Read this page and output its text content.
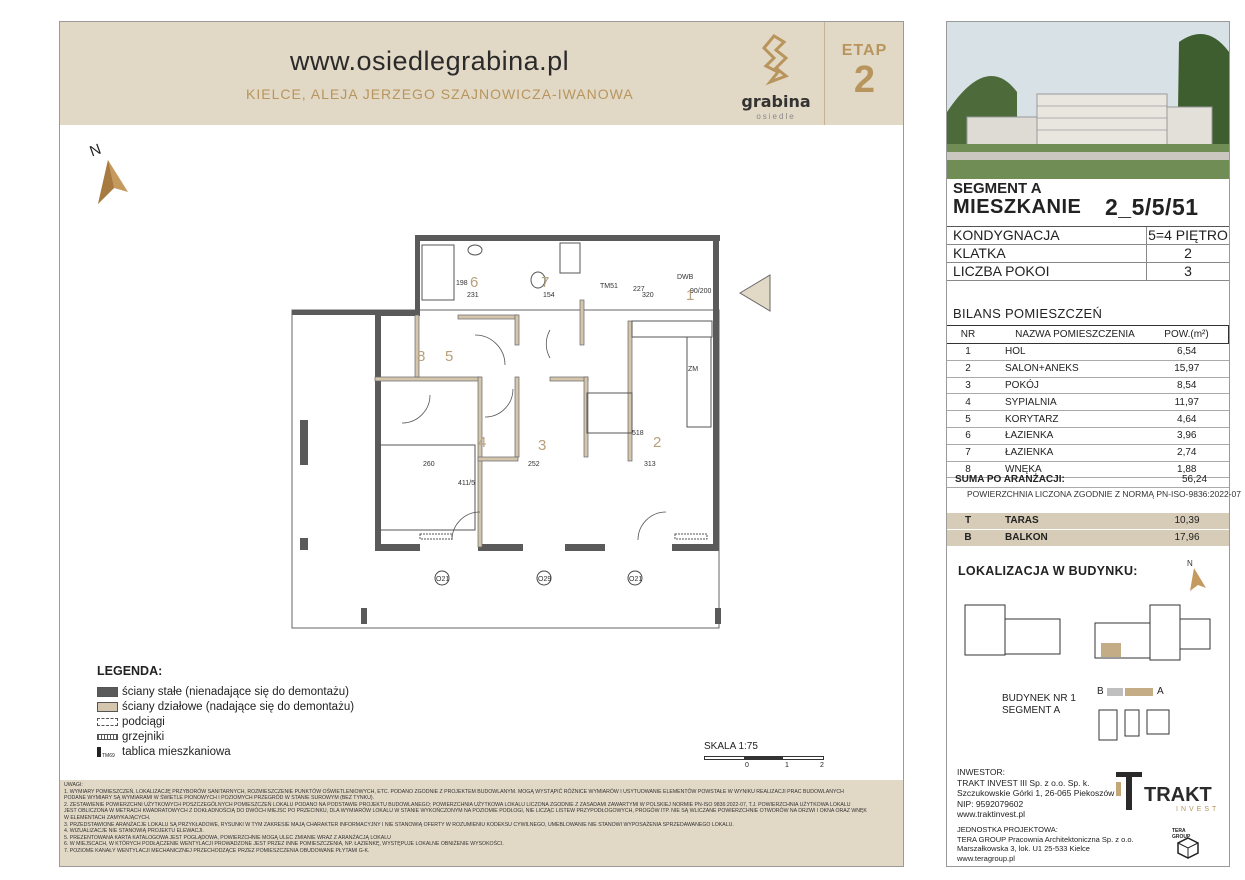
www.osiedlegrabina.pl
KIELCE, ALEJA JERZEGO SZAJNOWICZA-IWANOWA	grabina
osiedle
ETAP
2
N
8 5
6	7
1
4	3	2
198
231	154	320
227
260	252	313
90/200
518
411/5
TM51
DWB
ZM
O21	O29	O21
LEGENDA:
ściany stałe (nienadające się do demontażu)
ściany działowe (nadające się do demontażu)
podciągi
grzejniki
TM69 tablica mieszkaniowa	SKALA 1:75
0	1	2
UWAGI:
1. WYMIARY POMIESZCZEŃ, LOKALIZACJĘ PRZYBORÓW SANITARNYCH, ROZMIESZCZENIE PUNKTÓW OŚWIETLENIOWYCH, ETC. PODANO ZGODNIE Z PROJEKTEM BUDOWLANYM. MOGĄ WYSTĄPIĆ RÓŻNICE WYMIARÓW I USYTUOWANIE ELEMENTÓW POWSTAŁE W WYNIKU REALIZACJI PRAC BUDOWLANYCH
PODANE WYMIARY SĄ WYMIARAMI W ŚWIETLE PIONOWYCH I POZIOMYCH PRZEGRÓD W STANIE SUROWYM (BEZ TYNKU).
2. ZESTAWIENIE POWIERZCHNI UŻYTKOWYCH POSZCZEGÓLNYCH POMIESZCZEŃ LOKALU PODANO NA PODSTAWIE PROJEKTU BUDOWLANEGO; POWIERZCHNIA UŻYTKOWA LOKALU LICZONA ZGODNIE Z ZASADAMI ZAWARTYMI W POLSKIEJ NORMIE PN-ISO 9836:2022-07, T.J. POWIERZCHNIA UŻYTKOWA LOKALU
JEST OBLICZONA W METRACH KWADRATOWYCH Z DOKŁADNOŚCIĄ DO DWÓCH MIEJSC PO PRZECINKU, DLA WYMIARÓW LOKALU W STANIE WYKOŃCZONYM NA POZIOMIE PODŁOGI, NIE LICZĄC LISTEW PRZYPODŁOGOWYCH, PROGÓW ITP. NIE SĄ WLICZANE POWIERZCHNIE OTWORÓW NA DRZWI I OKNA ORAZ WNĘK
W ELEMENTACH ZAMYKAJĄCYCH.
3. PRZEDSTAWIONE ARANŻACJE LOKALU SĄ PRZYKŁADOWE, RYSUNKI W TYM ZAKRESIE MAJĄ CHARAKTER INFORMACYJNY I NIE STANOWIĄ OFERTY W ROZUMIENIU KODEKSU CYWILNEGO, UMEBLOWANIE NIE STANOWI WYPOSAŻENIA SPRZEDAWANEGO LOKALU.
4. WIZUALIZACJE NIE STANOWIĄ PROJEKTU ELEWACJI.
5. PREZENTOWANA KARTA KATALOGOWA JEST POGLĄDOWA, POWIERZCHNIE MOGĄ ULEC ZMIANIE WRAZ Z ARANŻACJĄ LOKALU
6. W MIEJSCACH, W KTÓRYCH PODŁĄCZENIE WENTYLACJI PROWADZONE JEST PRZEZ INNE POMIESZCZENIA, NP. ŁAZIENKĘ, WYSTĘPUJE LOKALNE OBNIŻENIE WYSOKOŚCI.
7. POZIOME KANAŁY WENTYLACJI MECHANICZNEJ PRZECHODZĄCE PRZEZ POMIESZCZENIA OBUDOWANE PŁYTAMI G-K.
SEGMENT A
MIESZKANIE 2_5/5/51
KONDYGNACJA	5=4 PIĘTRO
KLATKA	2
LICZBA POKOI	3
BILANS POMIESZCZEŃ
NR	NAZWA POMIESZCZENIA	POW.(m²)
1	HOL	6,54
2	SALON+ANEKS	15,97
3	POKÓJ	8,54
4	SYPIALNIA	11,97
5	KORYTARZ	4,64
6	ŁAZIENKA	3,96
7	ŁAZIENKA	2,74
8	WNĘKA	1,88
SUMA PO ARANŻACJI:	56,24
POWIERZCHNIA LICZONA ZGODNIE Z NORMĄ PN-ISO-9836:2022-07
T	TARAS	10,39
B	BALKON	17,96
LOKALIZACJA W BUDYNKU:
N
BUDYNEK NR 1
SEGMENT A
B	A
INWESTOR:
TRAKT INVEST III Sp. z o.o. Sp. k.
Szczukowskie Górki 1, 26-065 Piekoszów
NIP: 9592079602
www.traktinvest.pl
TRAKT
INVEST
JEDNOSTKA PROJEKTOWA:
TERA GROUP Pracownia Architektoniczna Sp. z o.o.
Marszałkowska 3, lok. U1 25-533 Kielce
www.teragroup.pl
TERA GROUP
